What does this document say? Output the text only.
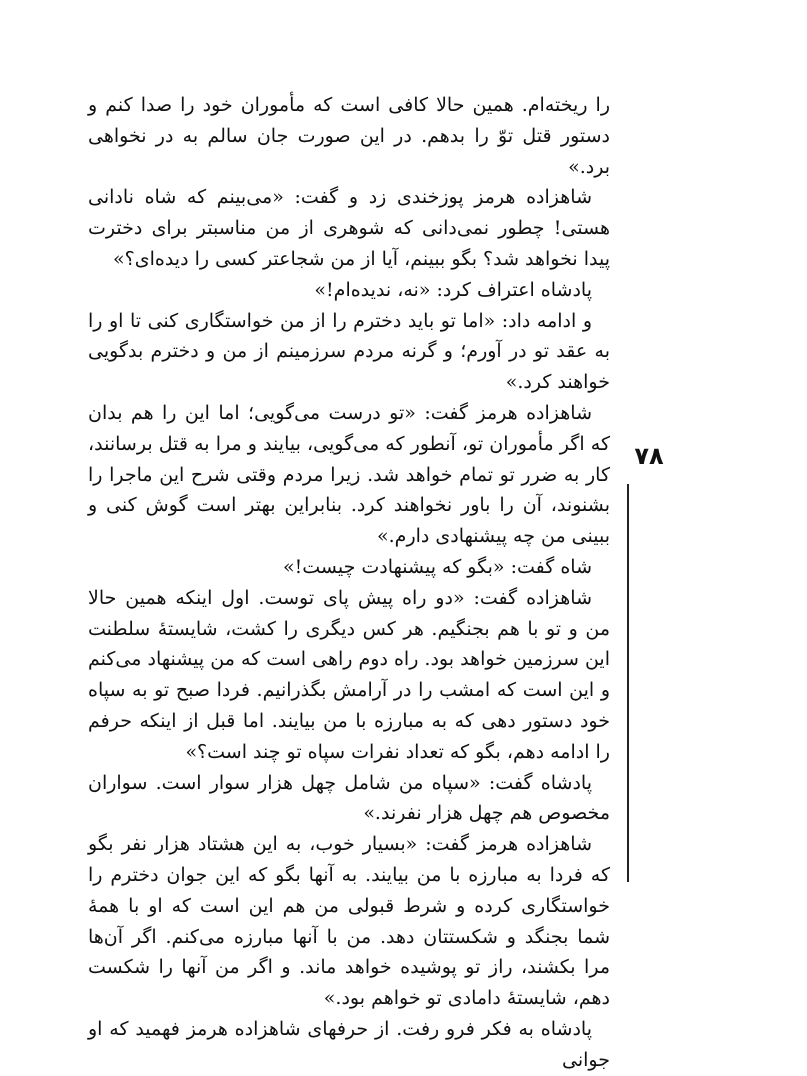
را ریخته‌ام. همین حالا کافی است که مأموران خود را صدا کنم و دستور قتل توّ را بدهم. در این صورت جان سالم به در نخواهی برد.»

شاهزاده هرمز پوزخندی زد و گفت: «می‌بینم که شاه نادانی هستی! چطور نمی‌دانی که شوهری از من مناسبتر برای دخترت پیدا نخواهد شد؟ بگو ببینم، آیا از من شجاعتر کسی را دیده‌ای؟»

پادشاه اعتراف کرد: «نه، ندیده‌ام!»

و ادامه داد: «اما تو باید دخترم را از من خواستگاری کنی تا او را به عقد تو در آورم؛ و گرنه مردم سرزمینم از من و دخترم بدگویی خواهند کرد.»

شاهزاده هرمز گفت: «تو درست می‌گویی؛ اما این را هم بدان که اگر مأموران تو، آنطور که می‌گویی، بیایند و مرا به قتل برسانند، کار به ضرر تو تمام خواهد شد. زیرا مردم وقتی شرح این ماجرا را بشنوند، آن را باور نخواهند کرد. بنابراین بهتر است گوش کنی و ببینی من چه پیشنهادی دارم.»

شاه گفت: «بگو که پیشنهادت چیست!»

شاهزاده گفت: «دو راه پیش پای توست. اول اینکه همین حالا من و تو با هم بجنگیم. هر کس دیگری را کشت، شایستهٔ سلطنت این سرزمین خواهد بود. راه دوم راهی است که من پیشنهاد می‌کنم و این است که امشب را در آرامش بگذرانیم. فردا صبح تو به سپاه خود دستور دهی که به مبارزه با من بیایند. اما قبل از اینکه حرفم را ادامه دهم، بگو که تعداد نفرات سپاه تو چند است؟»

پادشاه گفت: «سپاه من شامل چهل هزار سوار است. سواران مخصوص هم چهل هزار نفرند.»

شاهزاده هرمز گفت: «بسیار خوب، به این هشتاد هزار نفر بگو که فردا به مبارزه با من بیایند. به آنها بگو که این جوان دخترم را خواستگاری کرده و شرط قبولی من هم این است که او با همهٔ شما بجنگد و شکستتان دهد. من با آنها مبارزه می‌کنم. اگر آن‌ها مرا بکشند، راز تو پوشیده خواهد ماند. و اگر من آنها را شکست دهم، شایستهٔ دامادی تو خواهم بود.»

پادشاه به فکر فرو رفت. از حرفهای شاهزاده هرمز فهمید که او جوانی

۷۸
